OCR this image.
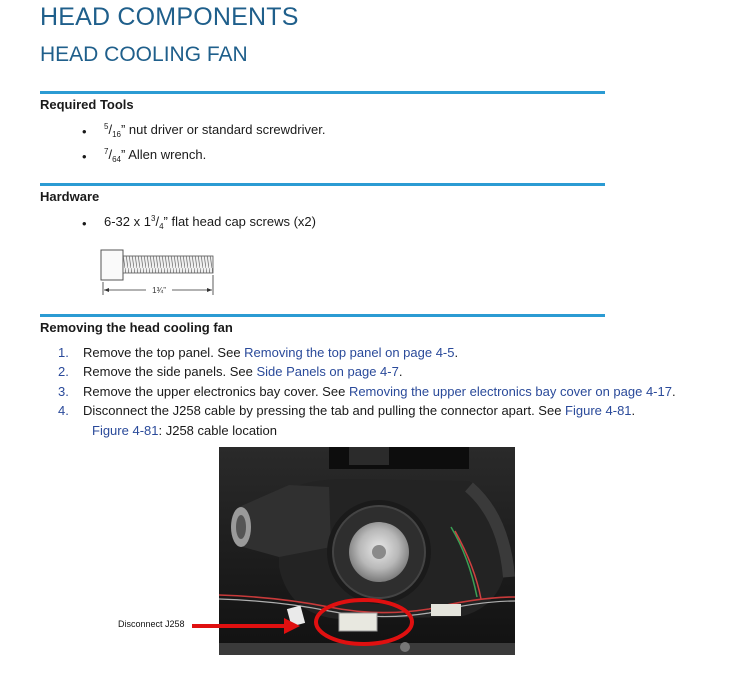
HEAD COMPONENTS
HEAD COOLING FAN
Required Tools
• $^5/_{16}$” nut driver or standard screwdriver.
• $^7/_{64}$” Allen wrench.
Hardware
• 6-32 x $1^3/_4$” flat head cap screws (x2)
1¾”
Removing the head cooling fan
1.	Remove the top panel. See Removing the top panel on page 4-5.
2.	Remove the side panels. See Side Panels on page 4-7.
3.	Remove the upper electronics bay cover. See Removing the upper electronics bay cover on page 4-17.
4.	Disconnect the J258 cable by pressing the tab and pulling the connector apart. See Figure 4-81.
Figure 4-81: J258 cable location
Disconnect J258
